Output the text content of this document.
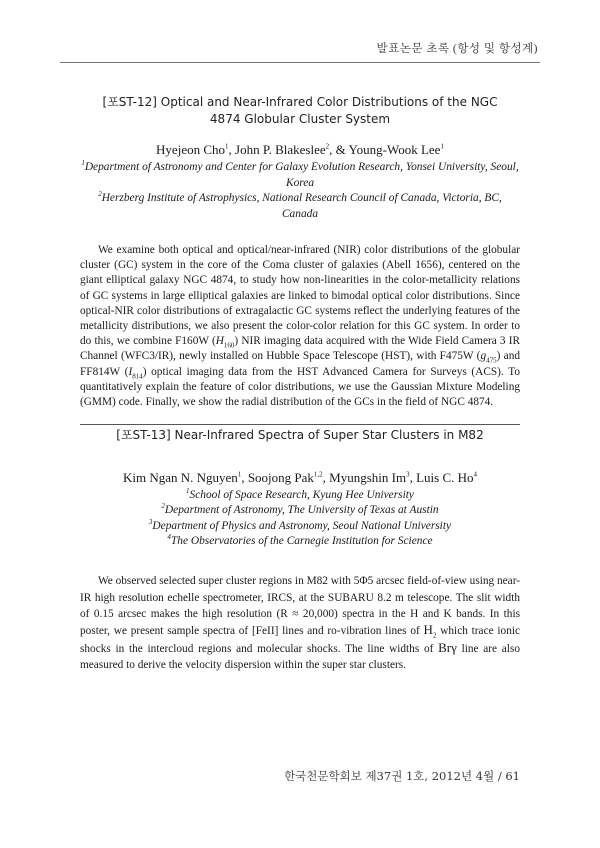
발표논문 초록 (항성 및 항성계)
[포ST-12] Optical and Near-Infrared Color Distributions of the NGC
4874 Globular Cluster System
Hyejeon Cho$^1$, John P. Blakeslee$^2$, & Young-Wook Lee$^1$
$^1$Department of Astronomy and Center for Galaxy Evolution Research, Yonsei University, Seoul, Korea
$^2$Herzberg Institute of Astrophysics, National Research Council of Canada, Victoria, BC, Canada

We examine both optical and optical/near-infrared (NIR) color distributions of the globular cluster (GC) system in the core of the Coma cluster of galaxies (Abell 1656), centered on the giant elliptical galaxy NGC 4874, to study how non-linearities in the color-metallicity relations of GC systems in large elliptical galaxies are linked to bimodal optical color distributions. Since optical-NIR color distributions of extragalactic GC systems reflect the underlying features of the metallicity distributions, we also present the color-color relation for this GC system. In order to do this, we combine F160W $(H_{160})$ NIR imaging data acquired with the Wide Field Camera 3 IR Channel (WFC3/IR), newly installed on Hubble Space Telescope (HST), with F475W $(g_{475})$ and FF814W $(I_{814})$ optical imaging data from the HST Advanced Camera for Surveys (ACS). To quantitatively explain the feature of color distributions, we use the Gaussian Mixture Modeling (GMM) code. Finally, we show the radial distribution of the GCs in the field of NGC 4874.

[포ST-13] Near-Infrared Spectra of Super Star Clusters in M82
Kim Ngan N. Nguyen$^1$, Soojong Pak$^{1,2}$, Myungshin Im$^3$, Luis C. Ho$^4$
$^1$School of Space Research, Kyung Hee University
$^2$Department of Astronomy, The University of Texas at Austin
$^3$Department of Physics and Astronomy, Seoul National University
$^4$The Observatories of the Carnegie Institution for Science

We observed selected super cluster regions in M82 with 5Φ5 arcsec field-of-view using near-IR high resolution echelle spectrometer, IRCS, at the SUBARU 8.2 m telescope. The slit width of 0.15 arcsec makes the high resolution (R ≈ 20,000) spectra in the H and K bands. In this poster, we present sample spectra of [FeII] lines and ro-vibration lines of $H_2$ which trace ionic shocks in the intercloud regions and molecular shocks. The line widths of Brγ line are also measured to derive the velocity dispersion within the super star clusters.

한국천문학회보 제37권 1호, 2012년 4월 / 61
